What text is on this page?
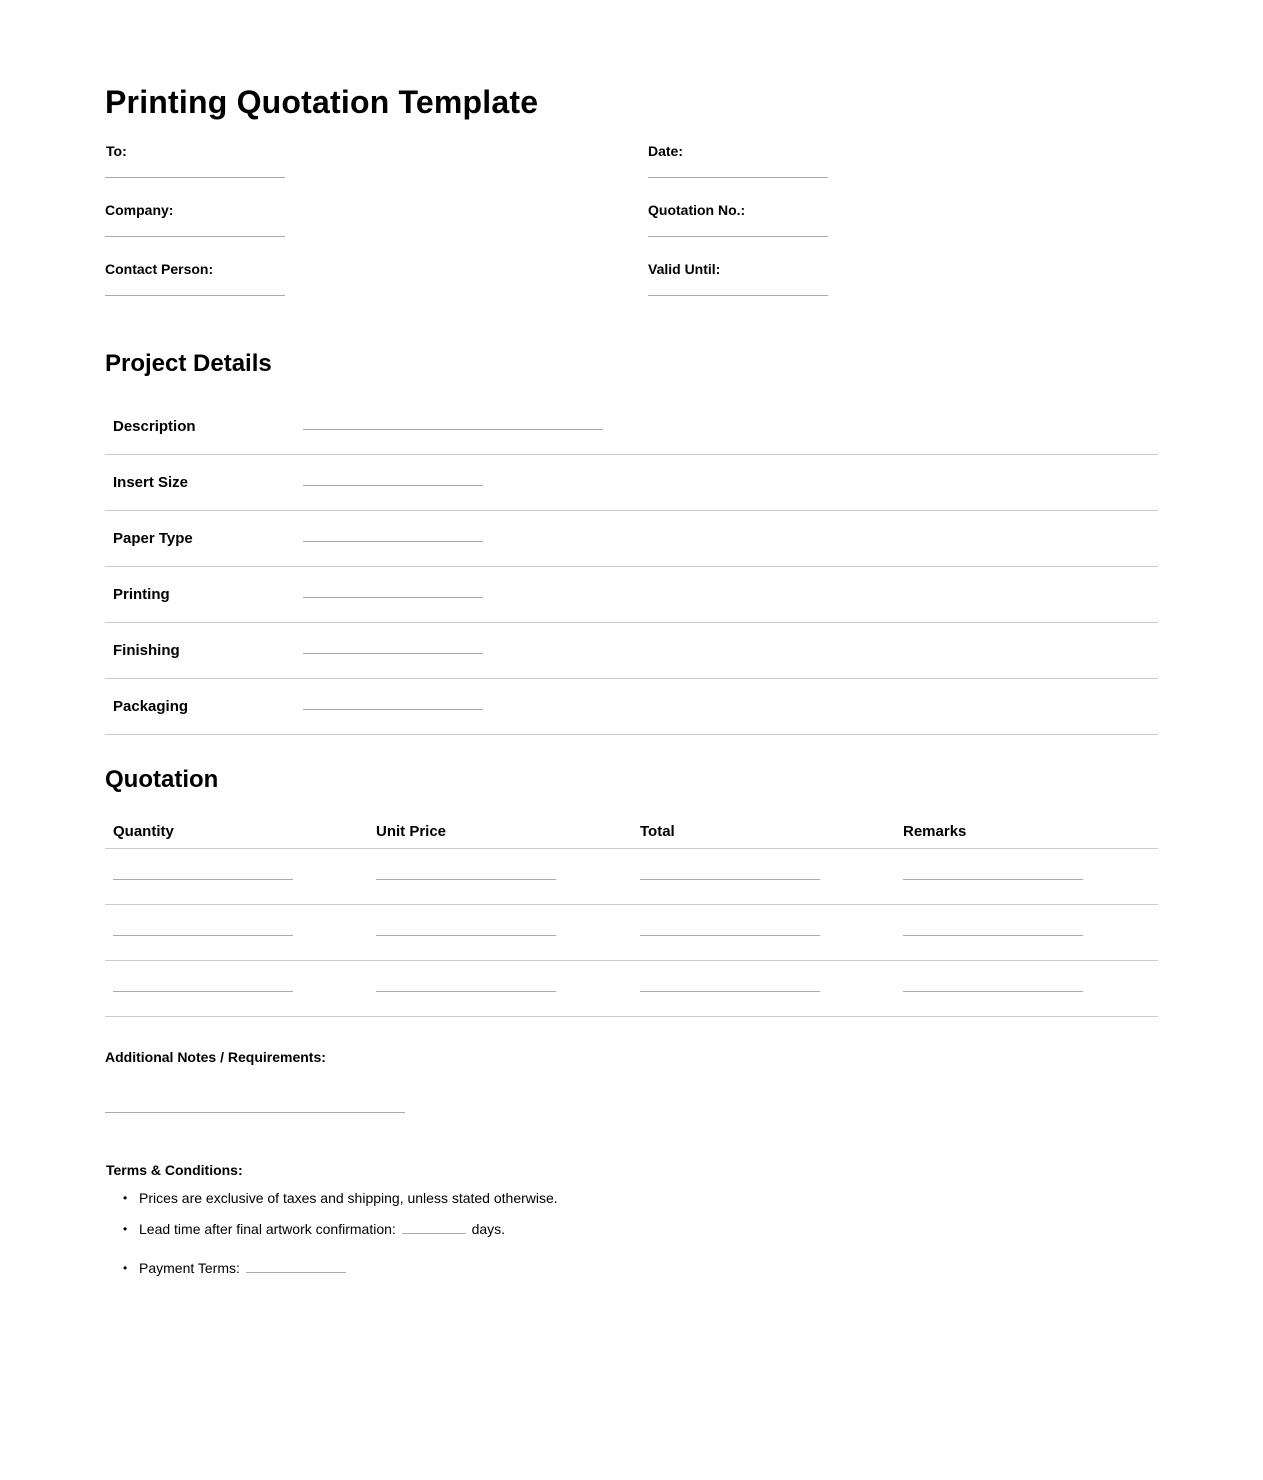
Printing Quotation Template
To:
Company:
Contact Person:
Date:
Quotation No.:
Valid Until:
Project Details
Description
Insert Size
Paper Type
Printing
Finishing
Packaging
Quotation
Quantity	Unit Price	Total	Remarks
Additional Notes / Requirements:
Terms & Conditions:
• Prices are exclusive of taxes and shipping, unless stated otherwise.
• Lead time after final artwork confirmation:	days.
• Payment Terms:
